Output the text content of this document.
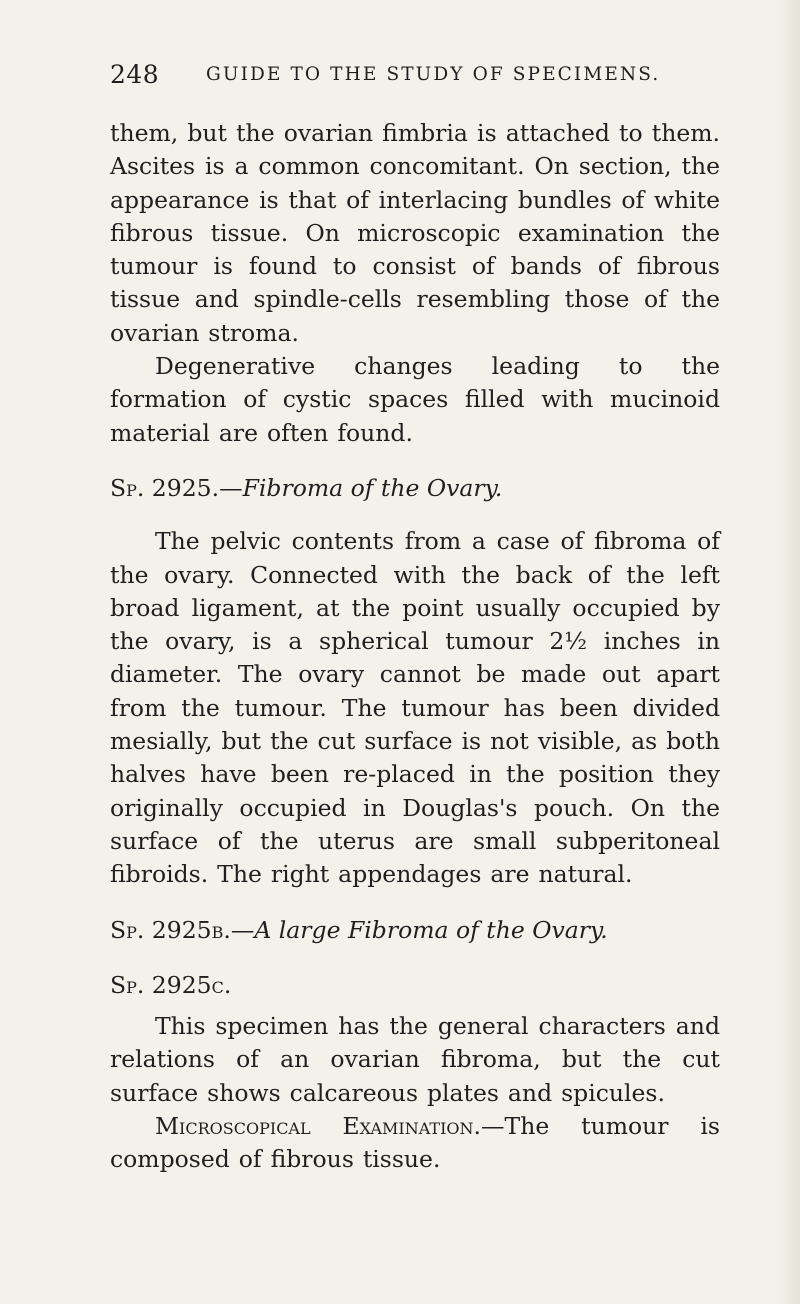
248	GUIDE TO THE STUDY OF SPECIMENS.

them, but the ovarian fimbria is attached to them. Ascites is a common concomitant. On section, the appearance is that of interlacing bundles of white fibrous tissue. On microscopic examination the tumour is found to consist of bands of fibrous tissue and spindle-cells resembling those of the ovarian stroma.

Degenerative changes leading to the formation of cystic spaces filled with mucinoid material are often found.

Sp. 2925.—Fibroma of the Ovary.

The pelvic contents from a case of fibroma of the ovary. Connected with the back of the left broad ligament, at the point usually occupied by the ovary, is a spherical tumour 2½ inches in diameter. The ovary cannot be made out apart from the tumour. The tumour has been divided mesially, but the cut surface is not visible, as both halves have been re-placed in the position they originally occupied in Douglas's pouch. On the surface of the uterus are small subperitoneal fibroids. The right appendages are natural.

Sp. 2925b.—A large Fibroma of the Ovary.

Sp. 2925c.

This specimen has the general characters and relations of an ovarian fibroma, but the cut surface shows calcareous plates and spicules.

Microscopical Examination.—The tumour is composed of fibrous tissue.
